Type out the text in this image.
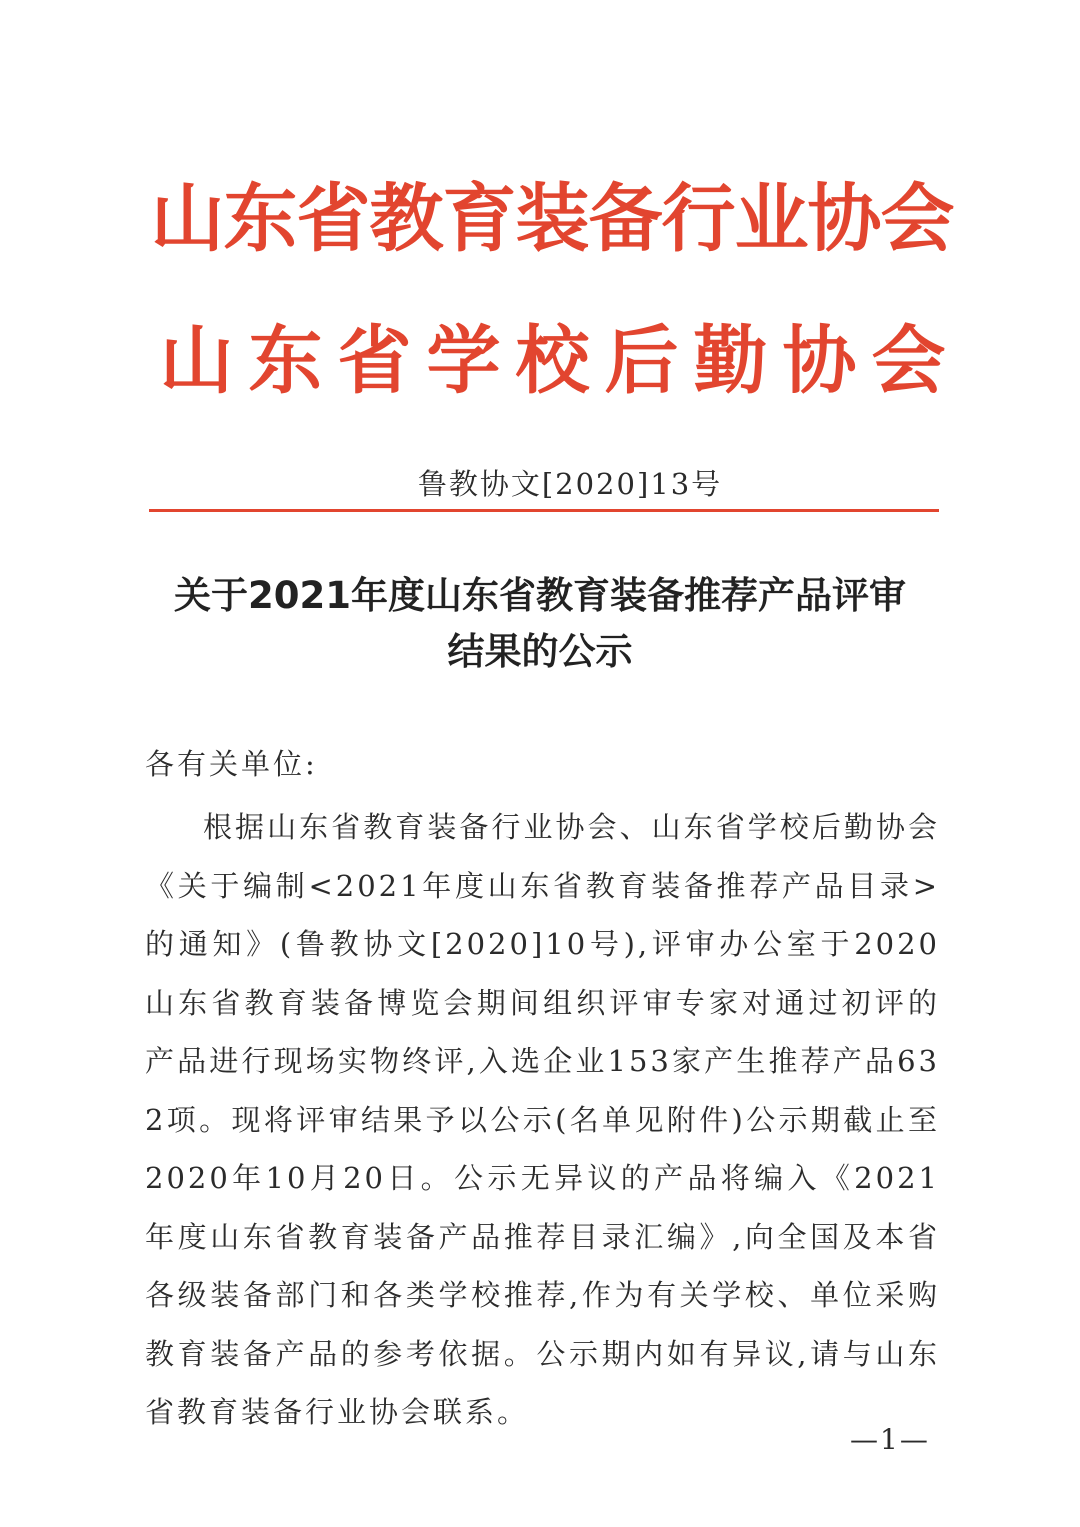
山东省教育装备行业协会
山东省学校后勤协会
鲁教协文[2020]13号
关于2021年度山东省教育装备推荐产品评审
结果的公示
各有关单位:
根据山东省教育装备行业协会、山东省学校后勤协会《关于编制<2021年度山东省教育装备推荐产品目录>的通知》(鲁教协文[2020]10号),评审办公室于2020山东省教育装备博览会期间组织评审专家对通过初评的产品进行现场实物终评,入选企业153家产生推荐产品632项。现将评审结果予以公示(名单见附件)公示期截止至2020年10月20日。公示无异议的产品将编入《2021年度山东省教育装备产品推荐目录汇编》,向全国及本省各级装备部门和各类学校推荐,作为有关学校、单位采购教育装备产品的参考依据。公示期内如有异议,请与山东省教育装备行业协会联系。
—1—
